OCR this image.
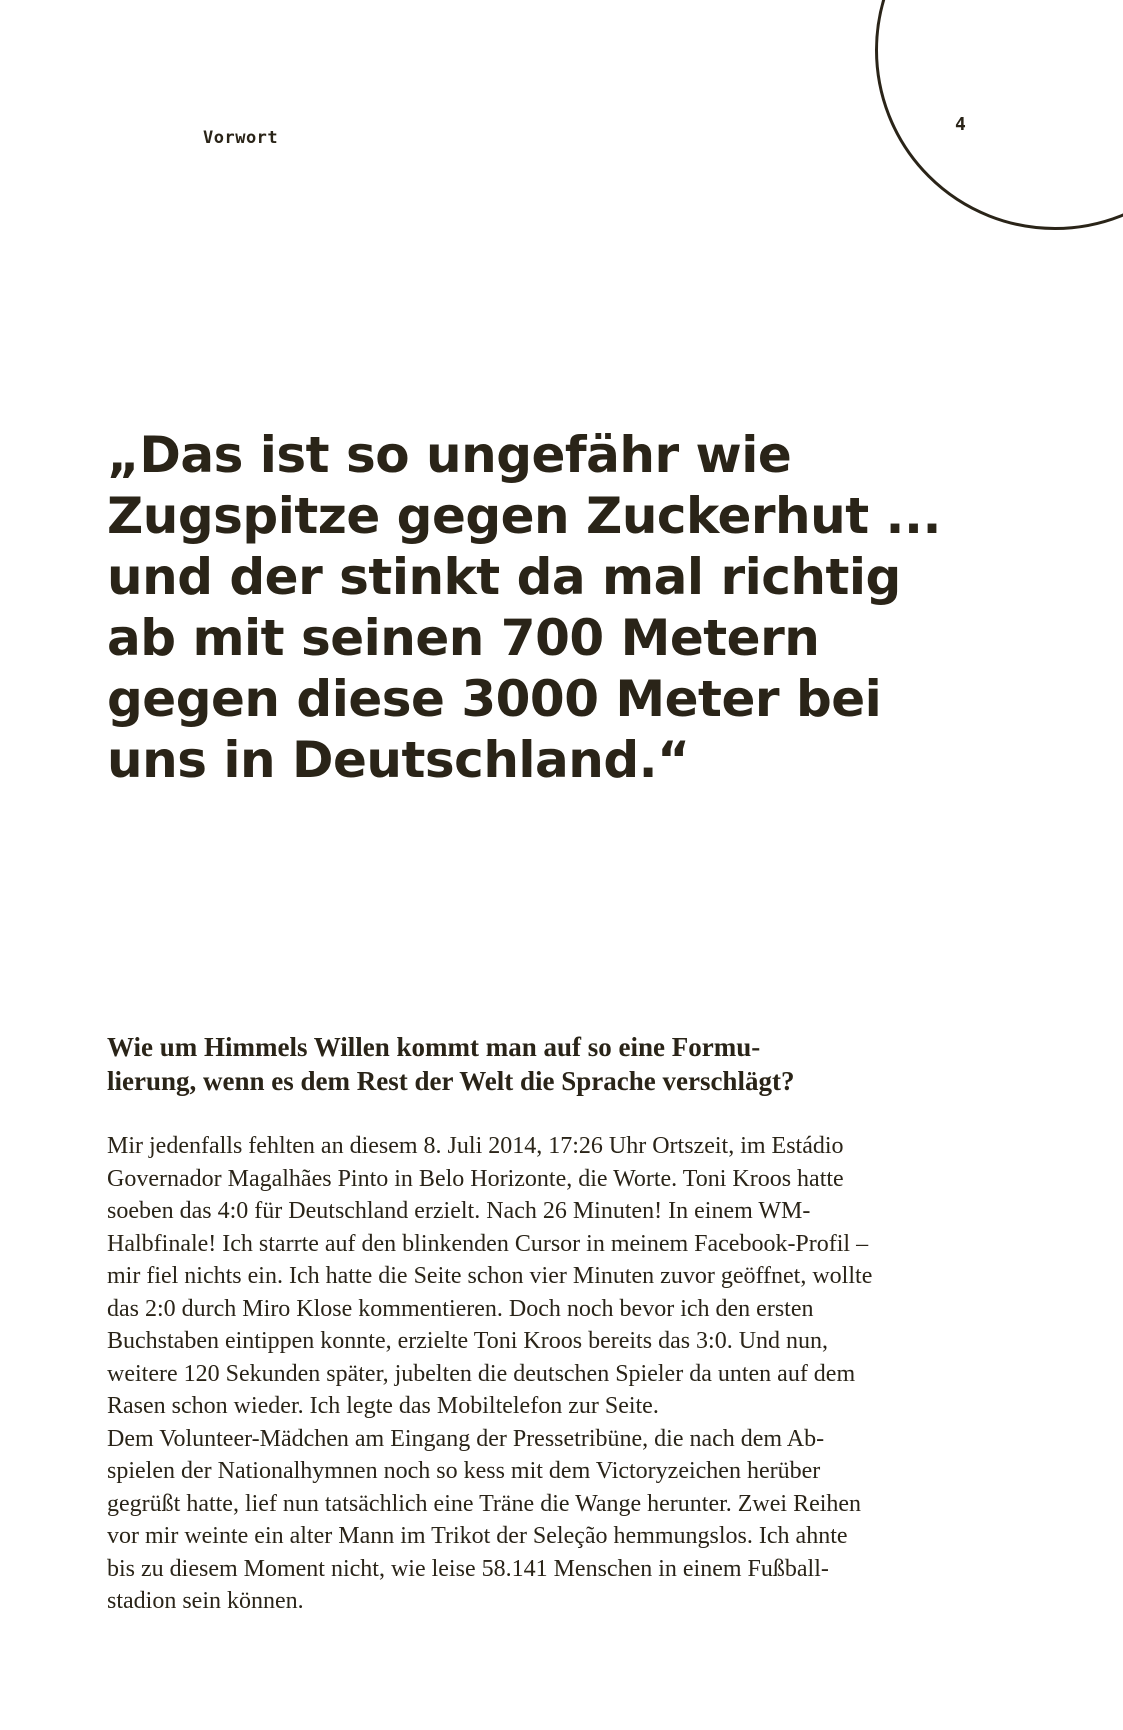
4
Vorwort
„Das ist so ungefähr wie
Zugspitze gegen Zuckerhut ...
und der stinkt da mal richtig
ab mit seinen 700 Metern
gegen diese 3000 Meter bei
uns in Deutschland.“
Wie um Himmels Willen kommt man auf so eine Formu-
lierung, wenn es dem Rest der Welt die Sprache verschlägt?
Mir jedenfalls fehlten an diesem 8. Juli 2014, 17:26 Uhr Ortszeit, im Estádio
Governador Magalhães Pinto in Belo Horizonte, die Worte. Toni Kroos hatte
soeben das 4:0 für Deutschland erzielt. Nach 26 Minuten! In einem WM-
Halbfinale! Ich starrte auf den blinkenden Cursor in meinem Facebook-Profil –
mir fiel nichts ein. Ich hatte die Seite schon vier Minuten zuvor geöffnet, wollte
das 2:0 durch Miro Klose kommentieren. Doch noch bevor ich den ersten
Buchstaben eintippen konnte, erzielte Toni Kroos bereits das 3:0. Und nun,
weitere 120 Sekunden später, jubelten die deutschen Spieler da unten auf dem
Rasen schon wieder. Ich legte das Mobiltelefon zur Seite.
Dem Volunteer-Mädchen am Eingang der Pressetribüne, die nach dem Ab-
spielen der Nationalhymnen noch so kess mit dem Victoryzeichen herüber
gegrüßt hatte, lief nun tatsächlich eine Träne die Wange herunter. Zwei Reihen
vor mir weinte ein alter Mann im Trikot der Seleção hemmungslos. Ich ahnte
bis zu diesem Moment nicht, wie leise 58.141 Menschen in einem Fußball-
stadion sein können.
